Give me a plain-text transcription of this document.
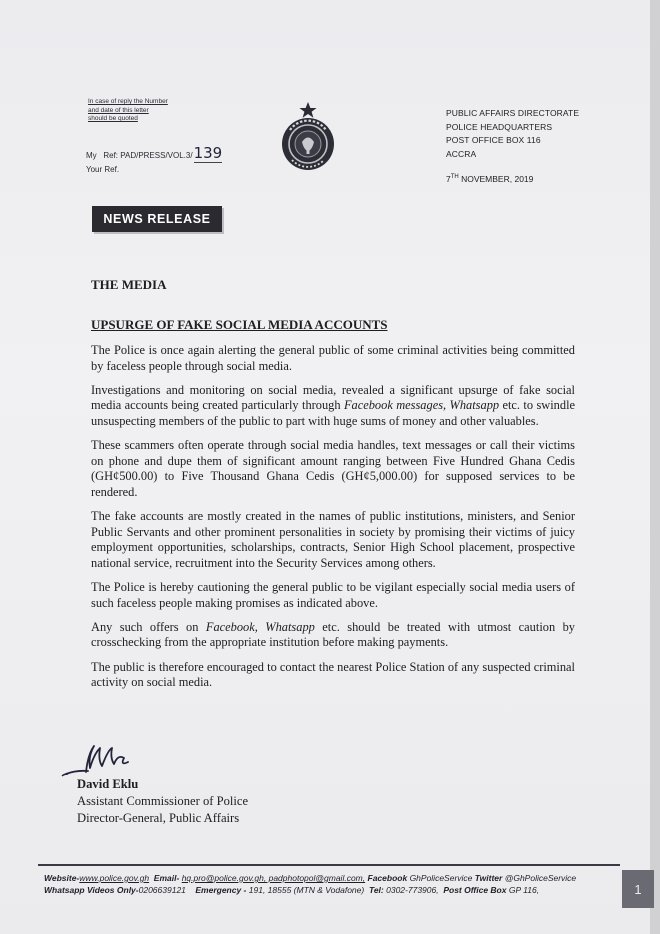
In case of reply the Number and date of this letter should be quoted
My Ref: PAD/PRESS/VOL.3/139
Your Ref.
PUBLIC AFFAIRS DIRECTORATE
POLICE HEADQUARTERS
POST OFFICE BOX 116
ACCRA
7TH NOVEMBER, 2019
NEWS RELEASE
THE MEDIA
UPSURGE OF FAKE SOCIAL MEDIA ACCOUNTS

The Police is once again alerting the general public of some criminal activities being committed by faceless people through social media.

Investigations and monitoring on social media, revealed a significant upsurge of fake social media accounts being created particularly through Facebook messages, Whatsapp etc. to swindle unsuspecting members of the public to part with huge sums of money and other valuables.

These scammers often operate through social media handles, text messages or call their victims on phone and dupe them of significant amount ranging between Five Hundred Ghana Cedis (GH¢500.00) to Five Thousand Ghana Cedis (GH¢5,000.00) for supposed services to be rendered.

The fake accounts are mostly created in the names of public institutions, ministers, and Senior Public Servants and other prominent personalities in society by promising their victims of juicy employment opportunities, scholarships, contracts, Senior High School placement, prospective national service, recruitment into the Security Services among others.

The Police is hereby cautioning the general public to be vigilant especially social media users of such faceless people making promises as indicated above.

Any such offers on Facebook, Whatsapp etc. should be treated with utmost caution by crosschecking from the appropriate institution before making payments.

The public is therefore encouraged to contact the nearest Police Station of any suspected criminal activity on social media.

David Eklu
Assistant Commissioner of Police
Director-General, Public Affairs
Website-www.police.gov.gh Email- hq.pro@police.gov.gh, padphotopol@gmail.com, Facebook GhPoliceService Twitter @GhPoliceService
Whatsapp Videos Only-0206639121 Emergency - 191, 18555 (MTN & Vodafone) Tel: 0302-773906, Post Office Box GP 116,	1
